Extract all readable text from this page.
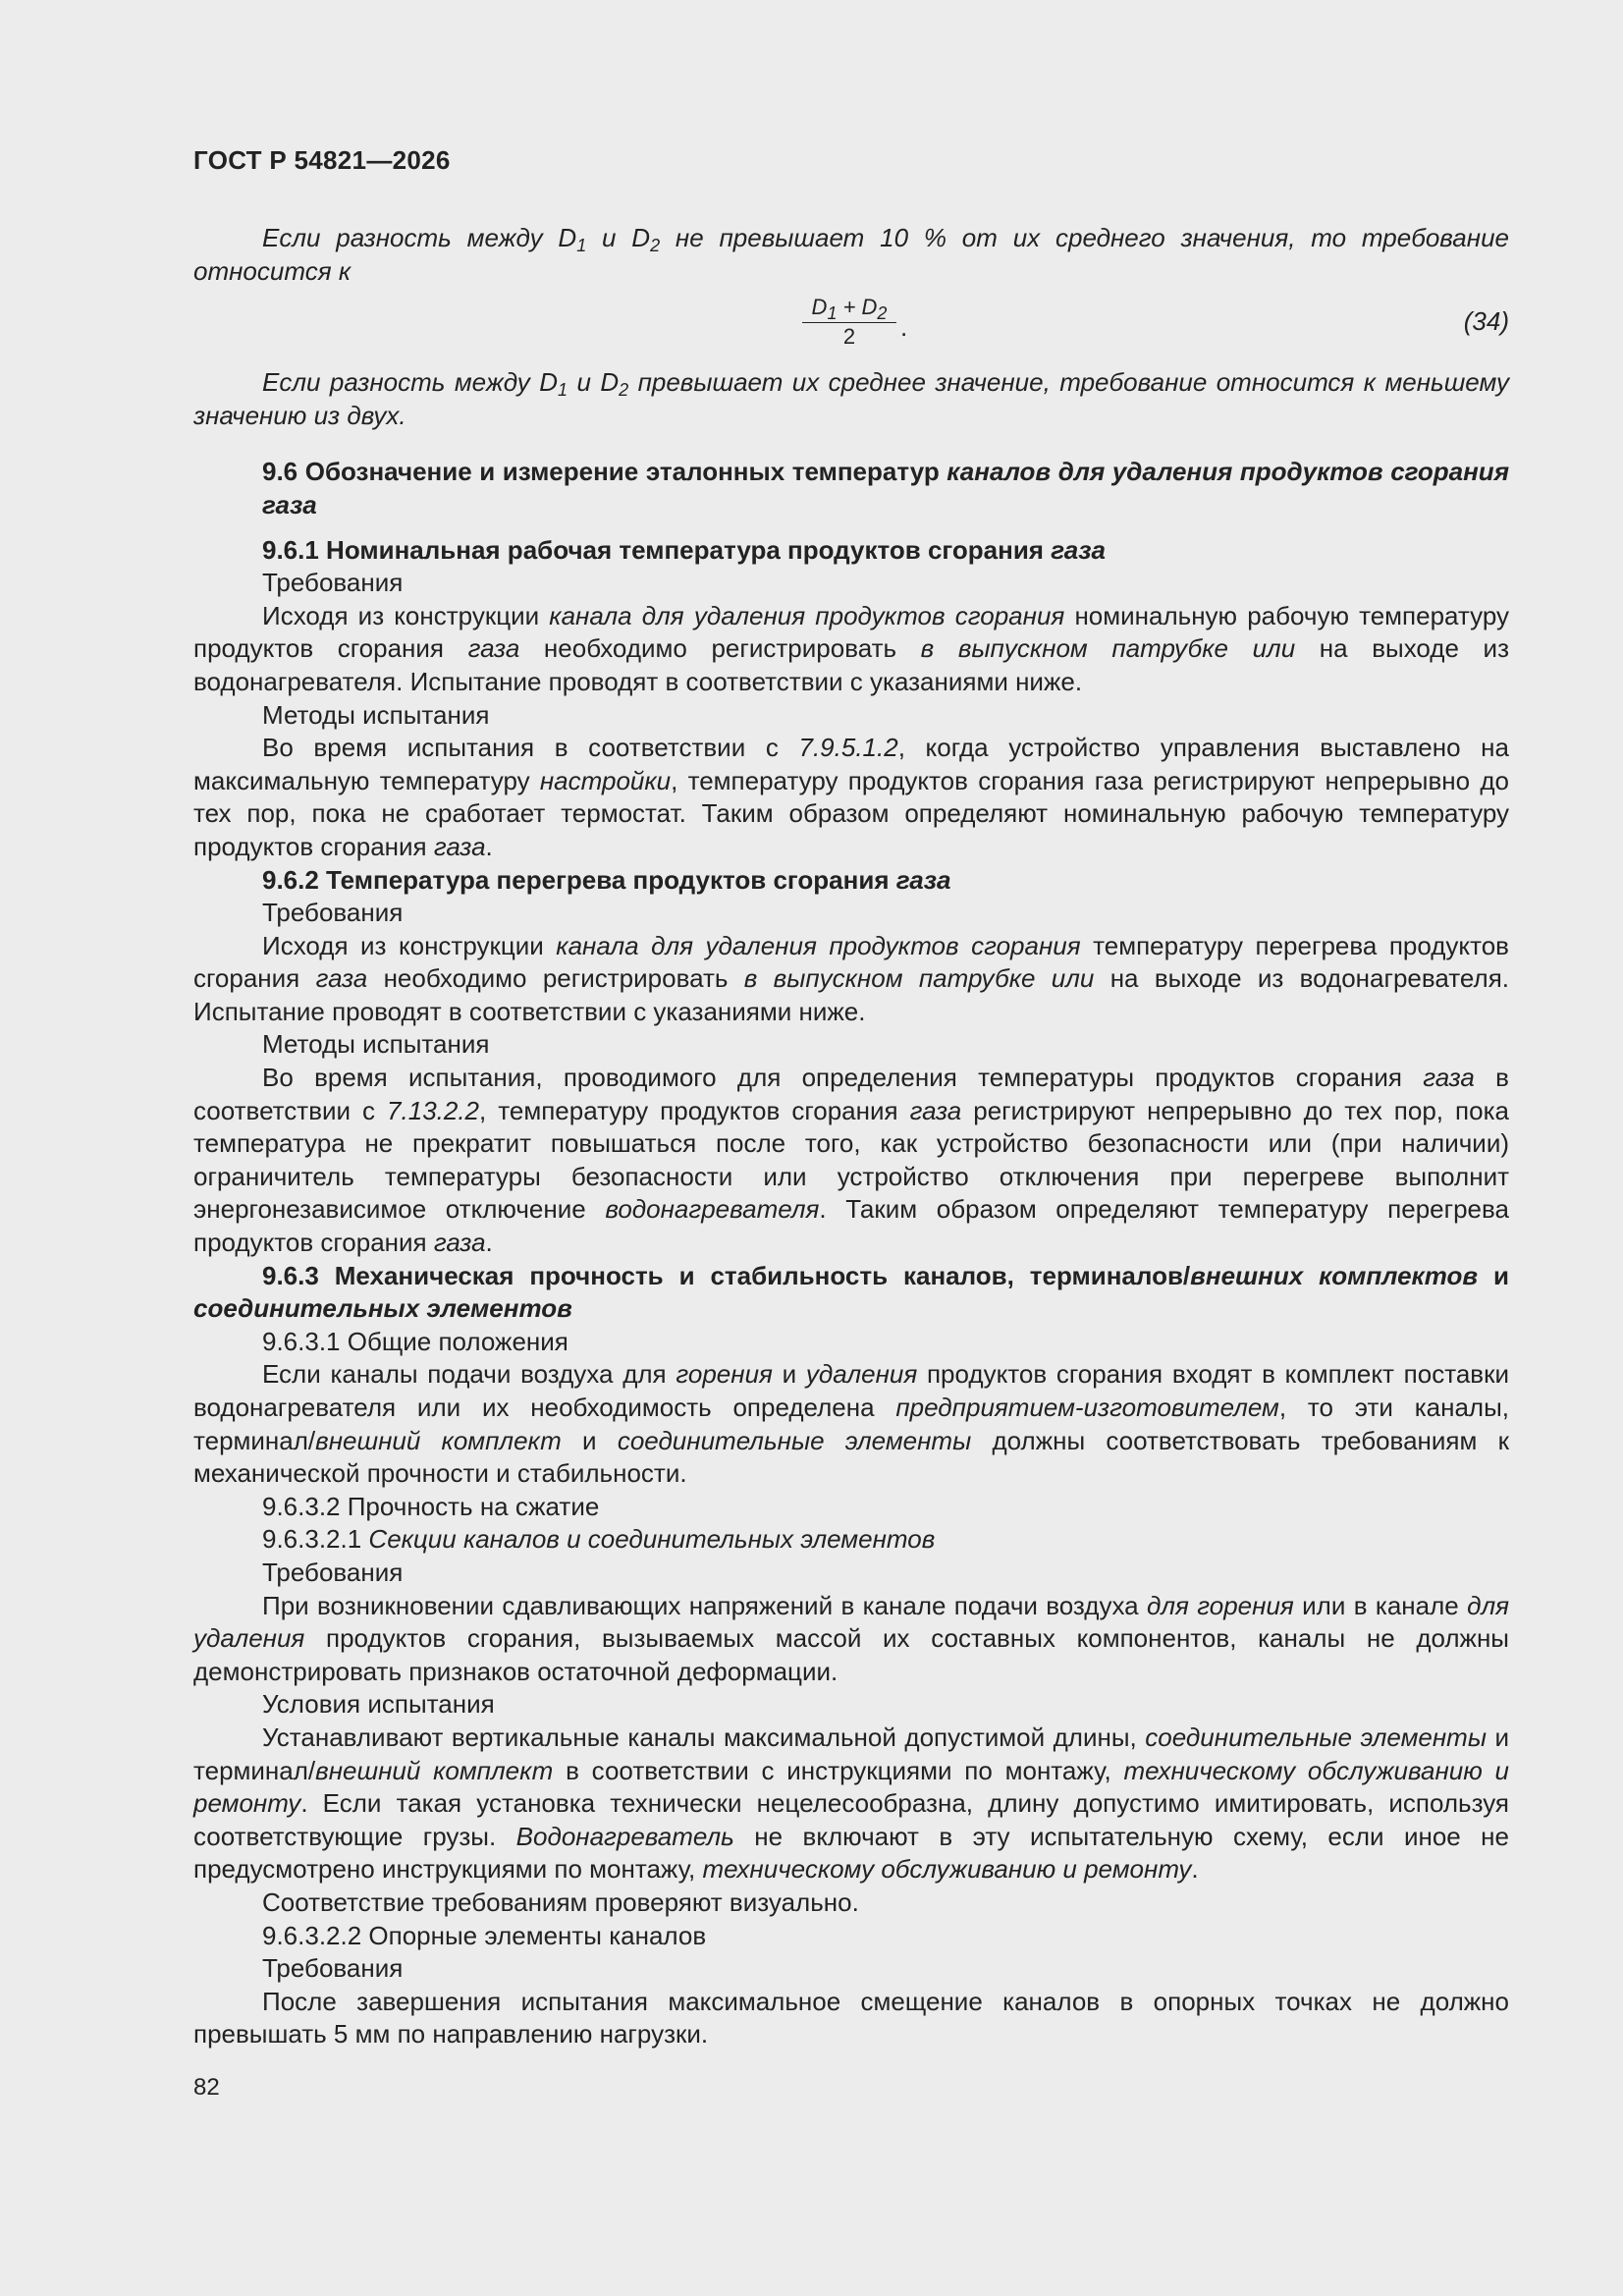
ГОСТ Р 54821—2026

Если разность между $D_1$ и $D_2$ не превышает 10 % от их среднего значения, то требование относится к

$\frac{D_1 + D_2}{2}$ .	(34)

Если разность между $D_1$ и $D_2$ превышает их среднее значение, требование относится к меньшему значению из двух.

9.6 Обозначение и измерение эталонных температур каналов для удаления продуктов сгорания газа

9.6.1 Номинальная рабочая температура продуктов сгорания газа

Требования

Исходя из конструкции канала для удаления продуктов сгорания номинальную рабочую температуру продуктов сгорания газа необходимо регистрировать в выпускном патрубке или на выходе из водонагревателя. Испытание проводят в соответствии с указаниями ниже.

Методы испытания

Во время испытания в соответствии с 7.9.5.1.2, когда устройство управления выставлено на максимальную температуру настройки, температуру продуктов сгорания газа регистрируют непрерывно до тех пор, пока не сработает термостат. Таким образом определяют номинальную рабочую температуру продуктов сгорания газа.

9.6.2 Температура перегрева продуктов сгорания газа

Требования

Исходя из конструкции канала для удаления продуктов сгорания температуру перегрева продуктов сгорания газа необходимо регистрировать в выпускном патрубке или на выходе из водонагревателя. Испытание проводят в соответствии с указаниями ниже.

Методы испытания

Во время испытания, проводимого для определения температуры продуктов сгорания газа в соответствии с 7.13.2.2, температуру продуктов сгорания газа регистрируют непрерывно до тех пор, пока температура не прекратит повышаться после того, как устройство безопасности или (при наличии) ограничитель температуры безопасности или устройство отключения при перегреве выполнит энергонезависимое отключение водонагревателя. Таким образом определяют температуру перегрева продуктов сгорания газа.

9.6.3 Механическая прочность и стабильность каналов, терминалов/внешних комплектов и соединительных элементов

9.6.3.1 Общие положения

Если каналы подачи воздуха для горения и удаления продуктов сгорания входят в комплект поставки водонагревателя или их необходимость определена предприятием-изготовителем, то эти каналы, терминал/внешний комплект и соединительные элементы должны соответствовать требованиям к механической прочности и стабильности.

9.6.3.2 Прочность на сжатие

9.6.3.2.1 Секции каналов и соединительных элементов

Требования

При возникновении сдавливающих напряжений в канале подачи воздуха для горения или в канале для удаления продуктов сгорания, вызываемых массой их составных компонентов, каналы не должны демонстрировать признаков остаточной деформации.

Условия испытания

Устанавливают вертикальные каналы максимальной допустимой длины, соединительные элементы и терминал/внешний комплект в соответствии с инструкциями по монтажу, техническому обслуживанию и ремонту. Если такая установка технически нецелесообразна, длину допустимо имитировать, используя соответствующие грузы. Водонагреватель не включают в эту испытательную схему, если иное не предусмотрено инструкциями по монтажу, техническому обслуживанию и ремонту.

Соответствие требованиям проверяют визуально.

9.6.3.2.2 Опорные элементы каналов

Требования

После завершения испытания максимальное смещение каналов в опорных точках не должно превышать 5 мм по направлению нагрузки.

82
